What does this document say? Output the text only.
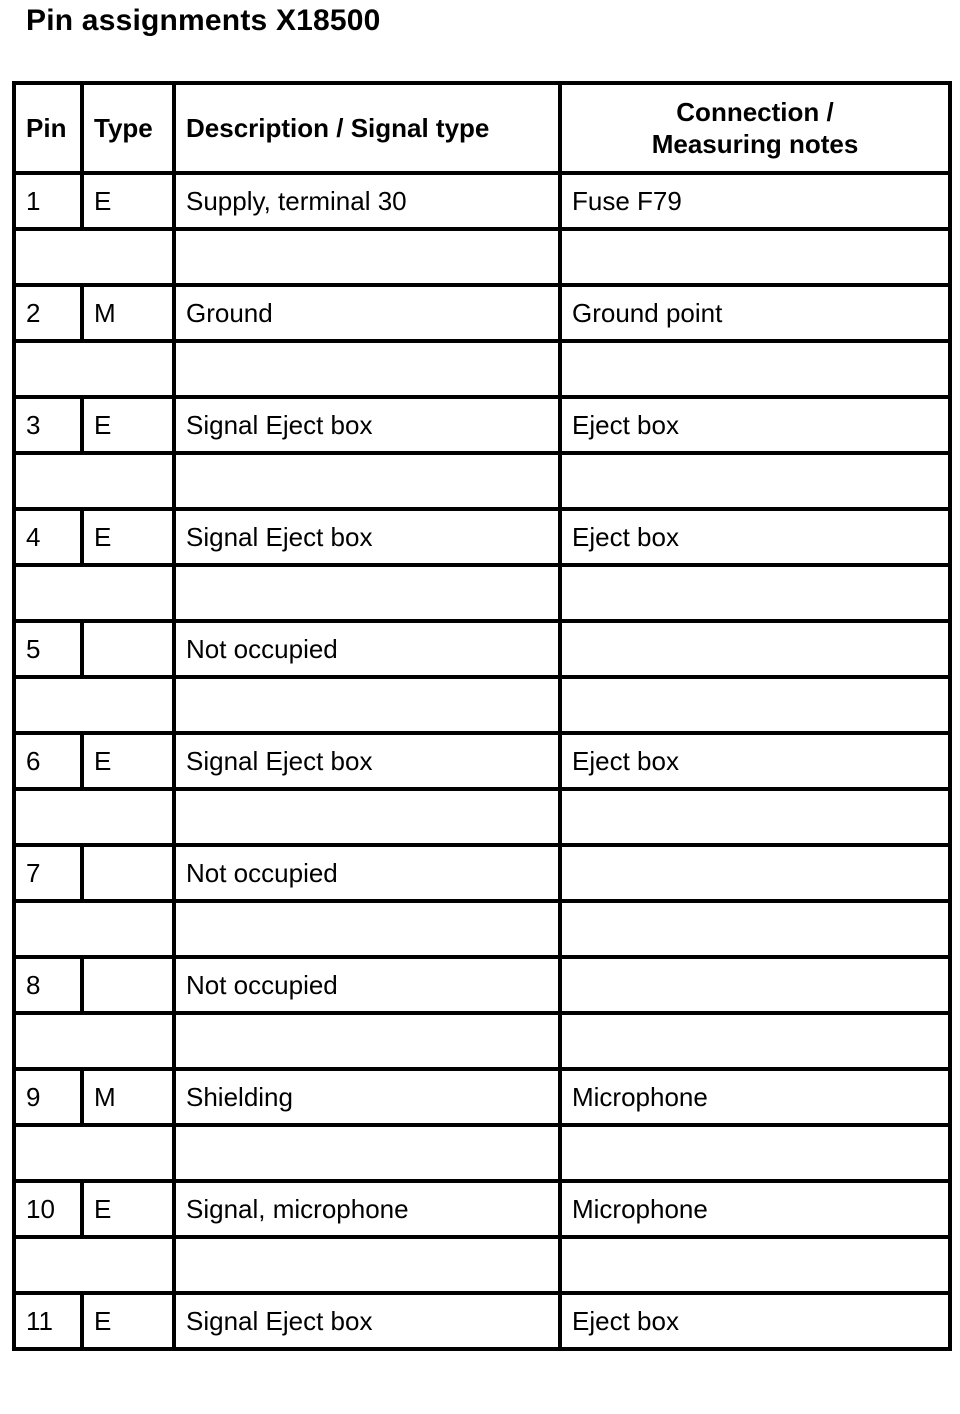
Pin assignments X18500
Pin	Type	Description / Signal type	Connection /
Measuring notes
1	E	Supply, terminal 30	Fuse F79

2	M	Ground	Ground point

3	E	Signal Eject box	Eject box

4	E	Signal Eject box	Eject box

5		Not occupied	

6	E	Signal Eject box	Eject box

7		Not occupied	

8		Not occupied	

9	M	Shielding	Microphone

10	E	Signal, microphone	Microphone

11	E	Signal Eject box	Eject box
